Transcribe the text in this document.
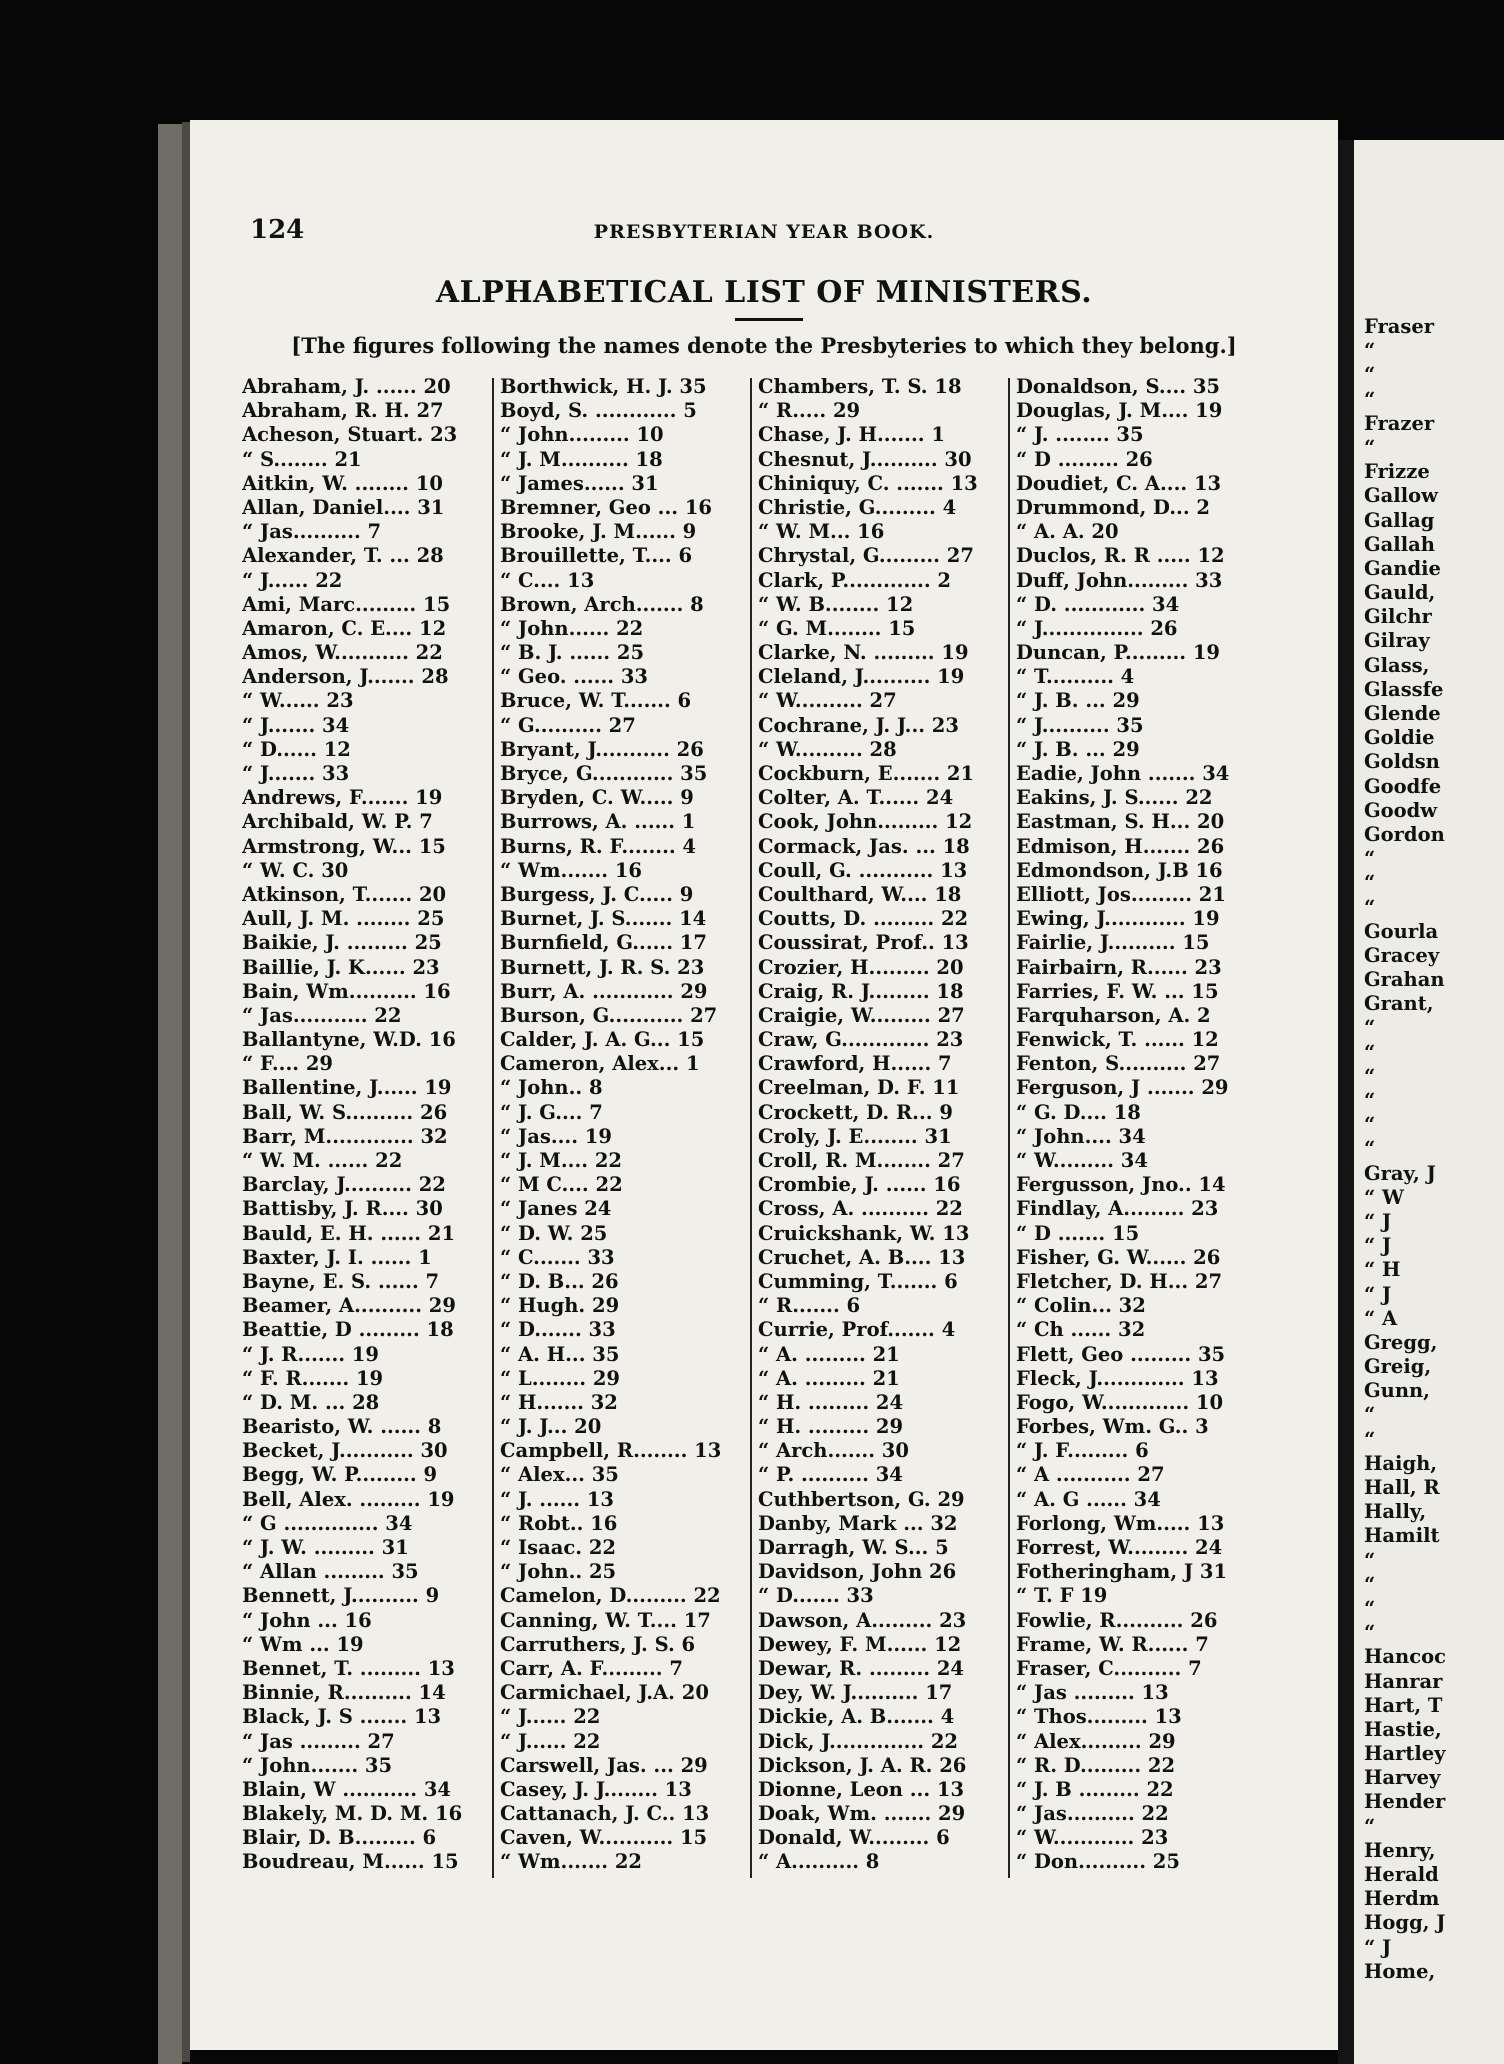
124	PRESBYTERIAN YEAR BOOK.
ALPHABETICAL LIST OF MINISTERS.
[The figures following the names denote the Presbyteries to which they belong.]
Abraham, J. ...... 20
Abraham, R. H. 27
Acheson, Stuart. 23
“ S........ 21
Aitkin, W. ........ 10
Allan, Daniel.... 31
“ Jas.......... 7
Alexander, T. ... 28
“ J...... 22
Ami, Marc......... 15
Amaron, C. E.... 12
Amos, W........... 22
Anderson, J....... 28
“ W...... 23
“ J....... 34
“ D...... 12
“ J....... 33
Andrews, F....... 19
Archibald, W. P. 7
Armstrong, W... 15
“ W. C. 30
Atkinson, T....... 20
Aull, J. M. ........ 25
Baikie, J. ......... 25
Baillie, J. K...... 23
Bain, Wm.......... 16
“ Jas........... 22
Ballantyne, W.D. 16
“ F.... 29
Ballentine, J...... 19
Ball, W. S.......... 26
Barr, M............. 32
“ W. M. ...... 22
Barclay, J.......... 22
Battisby, J. R.... 30
Bauld, E. H. ...... 21
Baxter, J. I. ...... 1
Bayne, E. S. ...... 7
Beamer, A.......... 29
Beattie, D ......... 18
“ J. R....... 19
“ F. R....... 19
“ D. M. ... 28
Bearisto, W. ...... 8
Becket, J........... 30
Begg, W. P......... 9
Bell, Alex. ......... 19
“ G .............. 34
“ J. W. ......... 31
“ Allan ......... 35
Bennett, J.......... 9
“ John ... 16
“ Wm ... 19
Bennet, T. ......... 13
Binnie, R.......... 14
Black, J. S ....... 13
“ Jas ......... 27
“ John....... 35
Blain, W ........... 34
Blakely, M. D. M. 16
Blair, D. B......... 6
Boudreau, M...... 15
Borthwick, H. J. 35
Boyd, S. ............ 5
“ John......... 10
“ J. M.......... 18
“ James...... 31
Bremner, Geo ... 16
Brooke, J. M...... 9
Brouillette, T.... 6
“ C.... 13
Brown, Arch....... 8
“ John...... 22
“ B. J. ...... 25
“ Geo. ...... 33
Bruce, W. T....... 6
“ G.......... 27
Bryant, J........... 26
Bryce, G............ 35
Bryden, C. W..... 9
Burrows, A. ...... 1
Burns, R. F........ 4
“ Wm....... 16
Burgess, J. C..... 9
Burnet, J. S....... 14
Burnfield, G...... 17
Burnett, J. R. S. 23
Burr, A. ............ 29
Burson, G........... 27
Calder, J. A. G... 15
Cameron, Alex... 1
“ John.. 8
“ J. G.... 7
“ Jas.... 19
“ J. M.... 22
“ M C.... 22
“ Janes 24
“ D. W. 25
“ C....... 33
“ D. B... 26
“ Hugh. 29
“ D....... 33
“ A. H... 35
“ L........ 29
“ H....... 32
“ J. J... 20
Campbell, R........ 13
“ Alex... 35
“ J. ...... 13
“ Robt.. 16
“ Isaac. 22
“ John.. 25
Camelon, D......... 22
Canning, W. T.... 17
Carruthers, J. S. 6
Carr, A. F......... 7
Carmichael, J.A. 20
“ J...... 22
“ J...... 22
Carswell, Jas. ... 29
Casey, J. J........ 13
Cattanach, J. C.. 13
Caven, W........... 15
“ Wm....... 22
Chambers, T. S. 18
“ R..... 29
Chase, J. H....... 1
Chesnut, J.......... 30
Chiniquy, C. ....... 13
Christie, G......... 4
“ W. M... 16
Chrystal, G......... 27
Clark, P............. 2
“ W. B........ 12
“ G. M........ 15
Clarke, N. ......... 19
Cleland, J.......... 19
“ W.......... 27
Cochrane, J. J... 23
“ W.......... 28
Cockburn, E....... 21
Colter, A. T...... 24
Cook, John......... 12
Cormack, Jas. ... 18
Coull, G. ........... 13
Coulthard, W.... 18
Coutts, D. ......... 22
Coussirat, Prof.. 13
Crozier, H......... 20
Craig, R. J......... 18
Craigie, W......... 27
Craw, G............. 23
Crawford, H...... 7
Creelman, D. F. 11
Crockett, D. R... 9
Croly, J. E........ 31
Croll, R. M........ 27
Crombie, J. ...... 16
Cross, A. .......... 22
Cruickshank, W. 13
Cruchet, A. B.... 13
Cumming, T....... 6
“ R....... 6
Currie, Prof....... 4
“ A. ......... 21
“ A. ......... 21
“ H. ......... 24
“ H. ......... 29
“ Arch....... 30
“ P. .......... 34
Cuthbertson, G. 29
Danby, Mark ... 32
Darragh, W. S... 5
Davidson, John 26
“ D....... 33
Dawson, A......... 23
Dewey, F. M...... 12
Dewar, R. ......... 24
Dey, W. J.......... 17
Dickie, A. B....... 4
Dick, J.............. 22
Dickson, J. A. R. 26
Dionne, Leon ... 13
Doak, Wm. ....... 29
Donald, W......... 6
“ A.......... 8
Donaldson, S.... 35
Douglas, J. M.... 19
“ J. ........ 35
“ D ......... 26
Doudiet, C. A.... 13
Drummond, D... 2
“ A. A. 20
Duclos, R. R ..... 12
Duff, John......... 33
“ D. ............ 34
“ J............... 26
Duncan, P......... 19
“ T.......... 4
“ J. B. ... 29
“ J.......... 35
“ J. B. ... 29
Eadie, John ....... 34
Eakins, J. S...... 22
Eastman, S. H... 20
Edmison, H....... 26
Edmondson, J.B 16
Elliott, Jos......... 21
Ewing, J............ 19
Fairlie, J.......... 15
Fairbairn, R...... 23
Farries, F. W. ... 15
Farquharson, A. 2
Fenwick, T. ...... 12
Fenton, S.......... 27
Ferguson, J ....... 29
“ G. D.... 18
“ John.... 34
“ W......... 34
Fergusson, Jno.. 14
Findlay, A......... 23
“ D ....... 15
Fisher, G. W...... 26
Fletcher, D. H... 27
“ Colin... 32
“ Ch ...... 32
Flett, Geo ......... 35
Fleck, J............. 13
Fogo, W............. 10
Forbes, Wm. G.. 3
“ J. F......... 6
“ A ........... 27
“ A. G ...... 34
Forlong, Wm..... 13
Forrest, W......... 24
Fotheringham, J 31
“ T. F 19
Fowlie, R.......... 26
Frame, W. R...... 7
Fraser, C.......... 7
“ Jas ......... 13
“ Thos......... 13
“ Alex......... 29
“ R. D......... 22
“ J. B ......... 22
“ Jas.......... 22
“ W............ 23
“ Don.......... 25
Fraser
“
“
“
Frazer
“
Frizze
Gallow
Gallag
Gallah
Gandie
Gauld,
Gilchr
Gilray
Glass,
Glassfe
Glende
Goldie
Goldsn
Goodfe
Goodw
Gordon
“
“
“
Gourla
Gracey
Grahan
Grant,
“
“
“
“
“
“
Gray, J
“ W
“ J
“ J
“ H
“ J
“ A
Gregg,
Greig,
Gunn,
“
“
Haigh,
Hall, R
Hally,
Hamilt
“
“
“
“
Hancoc
Hanrar
Hart, T
Hastie,
Hartley
Harvey
Hender
“
Henry,
Herald
Herdm
Hogg, J
“ J
Home,
